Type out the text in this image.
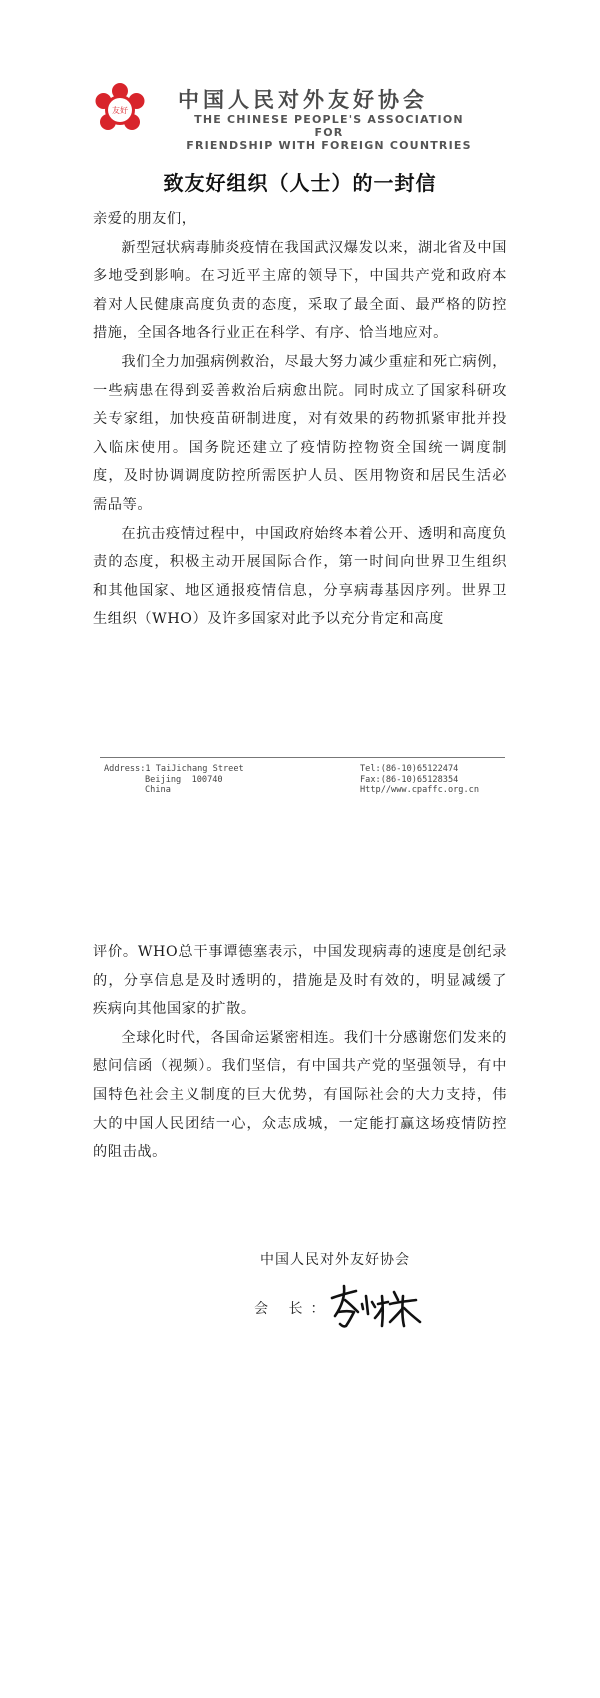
友好 中国人民对外友好协会
THE CHINESE PEOPLE'S ASSOCIATION FOR
FRIENDSHIP WITH FOREIGN COUNTRIES
致友好组织（人士）的一封信

亲爱的朋友们，

新型冠状病毒肺炎疫情在我国武汉爆发以来，湖北省及中国多地受到影响。在习近平主席的领导下，中国共产党和政府本着对人民健康高度负责的态度，采取了最全面、最严格的防控措施，全国各地各行业正在科学、有序、恰当地应对。

我们全力加强病例救治，尽最大努力减少重症和死亡病例，一些病患在得到妥善救治后病愈出院。同时成立了国家科研攻关专家组，加快疫苗研制进度，对有效果的药物抓紧审批并投入临床使用。国务院还建立了疫情防控物资全国统一调度制度，及时协调调度防控所需医护人员、医用物资和居民生活必需品等。

在抗击疫情过程中，中国政府始终本着公开、透明和高度负责的态度，积极主动开展国际合作，第一时间向世界卫生组织和其他国家、地区通报疫情信息，分享病毒基因序列。世界卫生组织（WHO）及许多国家对此予以充分肯定和高度

Address:1 TaiJichang Street
Beijing  100740
China
Tel:(86-10)65122474
Fax:(86-10)65128354
Http//www.cpaffc.org.cn

评价。WHO总干事谭德塞表示，中国发现病毒的速度是创纪录的，分享信息是及时透明的，措施是及时有效的，明显减缓了疾病向其他国家的扩散。

全球化时代，各国命运紧密相连。我们十分感谢您们发来的慰问信函（视频）。我们坚信，有中国共产党的坚强领导，有中国特色社会主义制度的巨大优势，有国际社会的大力支持，伟大的中国人民团结一心，众志成城，一定能打赢这场疫情防控的阻击战。

中国人民对外友好协会
会 长：
